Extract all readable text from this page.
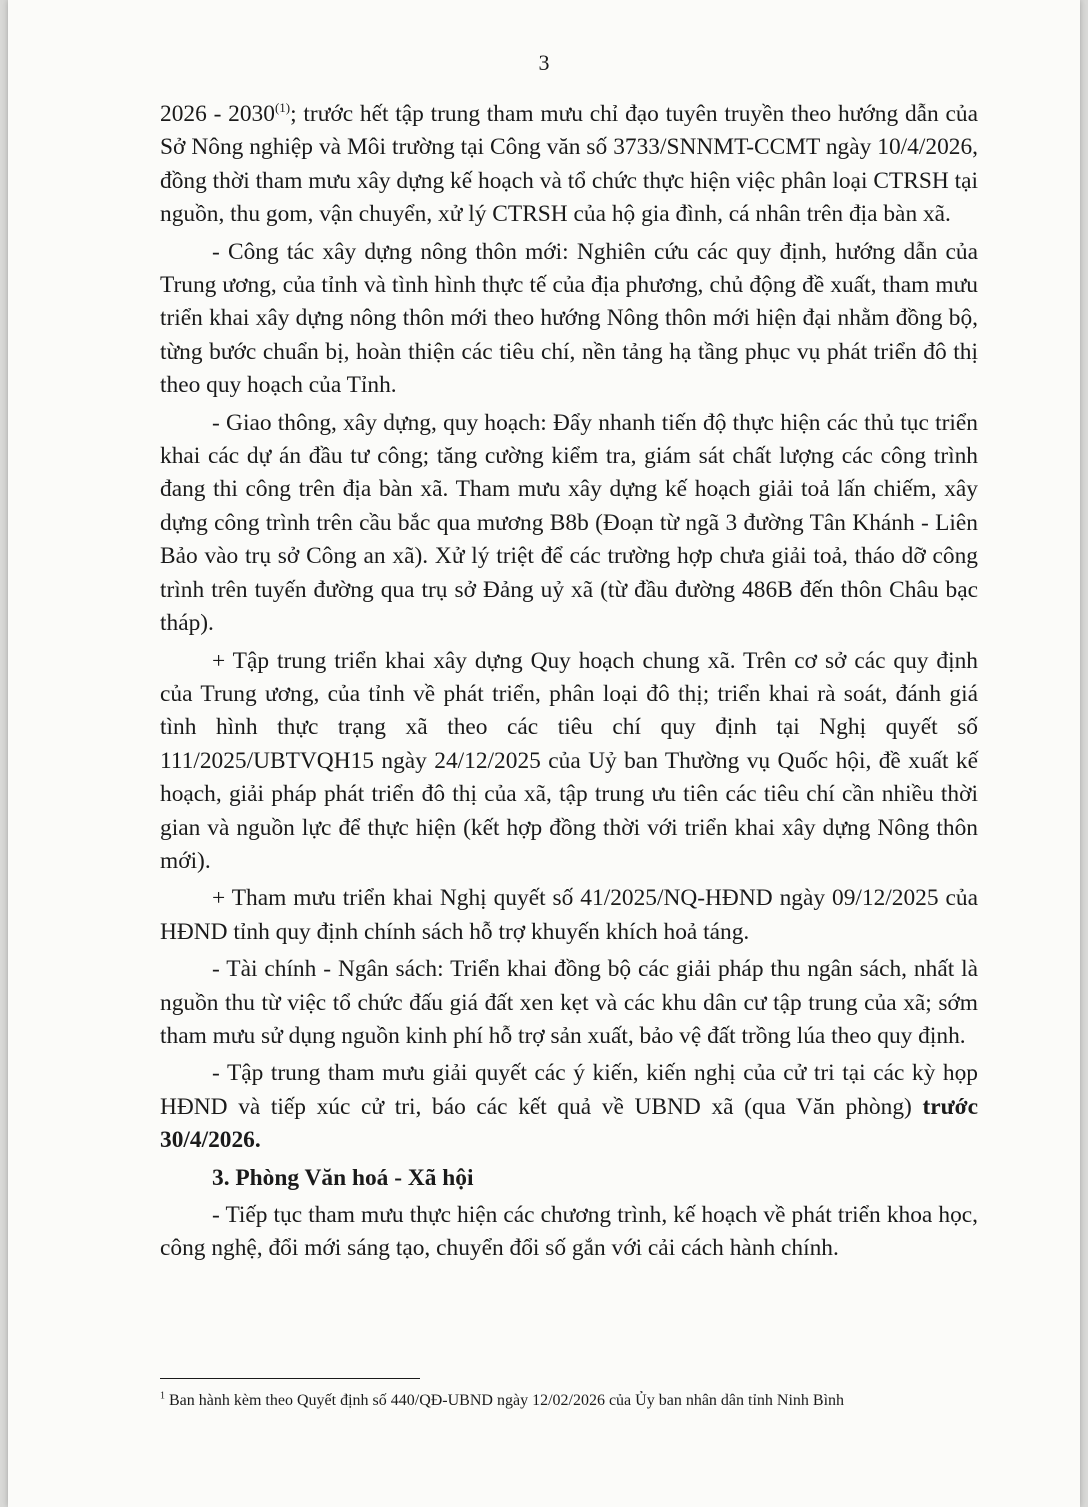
3

2026 - 2030$^{(1)}$; trước hết tập trung tham mưu chỉ đạo tuyên truyền theo hướng dẫn của Sở Nông nghiệp và Môi trường tại Công văn số 3733/SNNMT-CCMT ngày 10/4/2026, đồng thời tham mưu xây dựng kế hoạch và tổ chức thực hiện việc phân loại CTRSH tại nguồn, thu gom, vận chuyển, xử lý CTRSH của hộ gia đình, cá nhân trên địa bàn xã.

- Công tác xây dựng nông thôn mới: Nghiên cứu các quy định, hướng dẫn của Trung ương, của tỉnh và tình hình thực tế của địa phương, chủ động đề xuất, tham mưu triển khai xây dựng nông thôn mới theo hướng Nông thôn mới hiện đại nhằm đồng bộ, từng bước chuẩn bị, hoàn thiện các tiêu chí, nền tảng hạ tầng phục vụ phát triển đô thị theo quy hoạch của Tỉnh.

- Giao thông, xây dựng, quy hoạch: Đẩy nhanh tiến độ thực hiện các thủ tục triển khai các dự án đầu tư công; tăng cường kiểm tra, giám sát chất lượng các công trình đang thi công trên địa bàn xã. Tham mưu xây dựng kế hoạch giải toả lấn chiếm, xây dựng công trình trên cầu bắc qua mương B8b (Đoạn từ ngã 3 đường Tân Khánh - Liên Bảo vào trụ sở Công an xã). Xử lý triệt để các trường hợp chưa giải toả, tháo dỡ công trình trên tuyến đường qua trụ sở Đảng uỷ xã (từ đầu đường 486B đến thôn Châu bạc tháp).

+ Tập trung triển khai xây dựng Quy hoạch chung xã. Trên cơ sở các quy định của Trung ương, của tỉnh về phát triển, phân loại đô thị; triển khai rà soát, đánh giá tình hình thực trạng xã theo các tiêu chí quy định tại Nghị quyết số 111/2025/UBTVQH15 ngày 24/12/2025 của Uỷ ban Thường vụ Quốc hội, đề xuất kế hoạch, giải pháp phát triển đô thị của xã, tập trung ưu tiên các tiêu chí cần nhiều thời gian và nguồn lực để thực hiện (kết hợp đồng thời với triển khai xây dựng Nông thôn mới).

+ Tham mưu triển khai Nghị quyết số 41/2025/NQ-HĐND ngày 09/12/2025 của HĐND tỉnh quy định chính sách hỗ trợ khuyến khích hoả táng.

- Tài chính - Ngân sách: Triển khai đồng bộ các giải pháp thu ngân sách, nhất là nguồn thu từ việc tổ chức đấu giá đất xen kẹt và các khu dân cư tập trung của xã; sớm tham mưu sử dụng nguồn kinh phí hỗ trợ sản xuất, bảo vệ đất trồng lúa theo quy định.

- Tập trung tham mưu giải quyết các ý kiến, kiến nghị của cử tri tại các kỳ họp HĐND và tiếp xúc cử tri, báo các kết quả về UBND xã (qua Văn phòng) trước 30/4/2026.

3. Phòng Văn hoá - Xã hội

- Tiếp tục tham mưu thực hiện các chương trình, kế hoạch về phát triển khoa học, công nghệ, đổi mới sáng tạo, chuyển đổi số gắn với cải cách hành chính.

$^1$ Ban hành kèm theo Quyết định số 440/QĐ-UBND ngày 12/02/2026 của Ủy ban nhân dân tỉnh Ninh Bình
